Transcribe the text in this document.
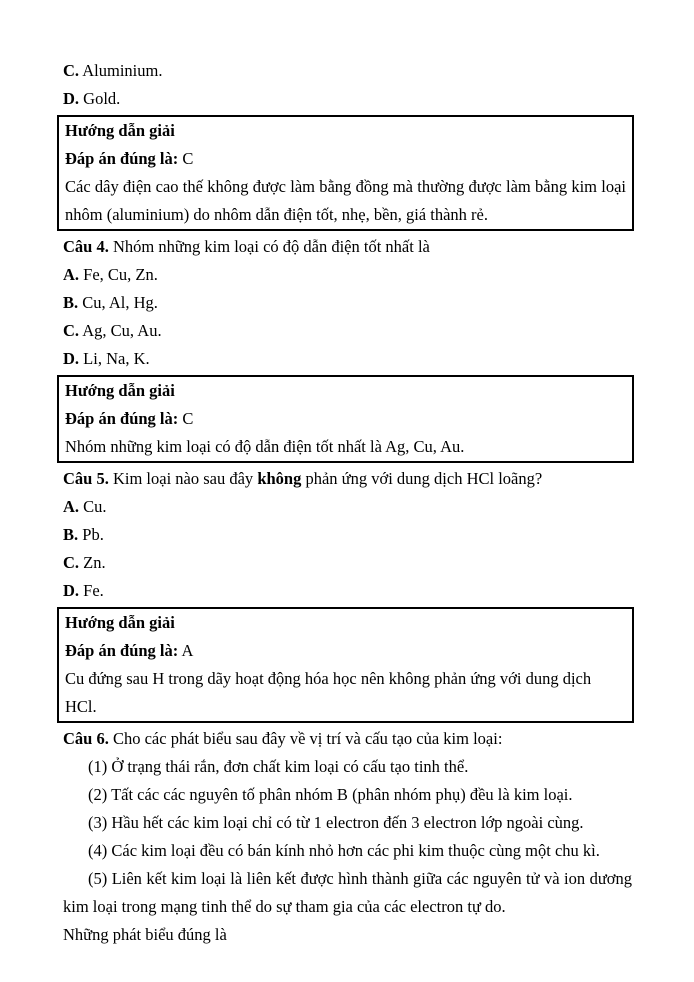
C. Aluminium.
D. Gold.
Hướng dẫn giải
Đáp án đúng là: C
Các dây điện cao thế không được làm bằng đồng mà thường được làm bằng kim loại nhôm (aluminium) do nhôm dẫn điện tốt, nhẹ, bền, giá thành rẻ.
Câu 4. Nhóm những kim loại có độ dẫn điện tốt nhất là
A. Fe, Cu, Zn.
B. Cu, Al, Hg.
C. Ag, Cu, Au.
D. Li, Na, K.
Hướng dẫn giải
Đáp án đúng là: C
Nhóm những kim loại có độ dẫn điện tốt nhất là Ag, Cu, Au.
Câu 5. Kim loại nào sau đây không phản ứng với dung dịch HCl loãng?
A. Cu.
B. Pb.
C. Zn.
D. Fe.
Hướng dẫn giải
Đáp án đúng là: A
Cu đứng sau H trong dãy hoạt động hóa học nên không phản ứng với dung dịch HCl.
Câu 6. Cho các phát biểu sau đây về vị trí và cấu tạo của kim loại:
(1) Ở trạng thái rắn, đơn chất kim loại có cấu tạo tinh thể.
(2) Tất các các nguyên tố phân nhóm B (phân nhóm phụ) đều là kim loại.
(3) Hầu hết các kim loại chỉ có từ 1 electron đến 3 electron lớp ngoài cùng.
(4) Các kim loại đều có bán kính nhỏ hơn các phi kim thuộc cùng một chu kì.
(5) Liên kết kim loại là liên kết được hình thành giữa các nguyên tử và ion dương kim loại trong mạng tinh thể do sự tham gia của các electron tự do.
Những phát biểu đúng là
